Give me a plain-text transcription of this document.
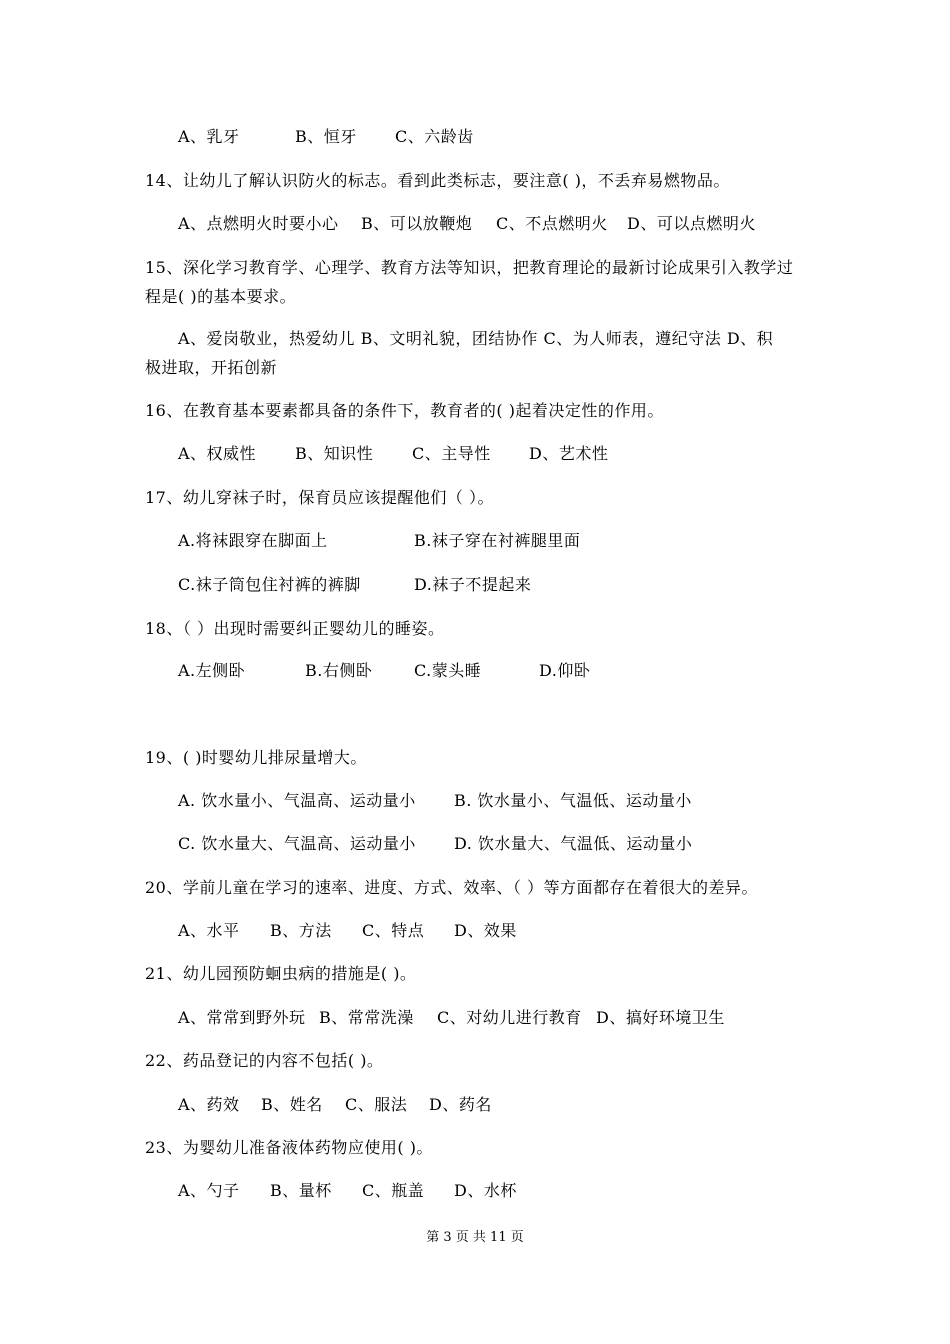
A、乳牙	B、恒牙 C、六龄齿
14、让幼儿了解认识防火的标志。看到此类标志，要注意( )，不丢弃易燃物品。
A、点燃明火时要小心 B、可以放鞭炮 C、不点燃明火 D、可以点燃明火
15、深化学习教育学、心理学、教育方法等知识，把教育理论的最新讨论成果引入教学过
程是( )的基本要求。
A、爱岗敬业，热爱幼儿 B、文明礼貌，团结协作 C、为人师表，遵纪守法 D、积
极进取，开拓创新
16、在教育基本要素都具备的条件下，教育者的( )起着决定性的作用。
A、权威性 B、知识性 C、主导性 D、艺术性
17、幼儿穿袜子时，保育员应该提醒他们（ ）。
A.将袜跟穿在脚面上	B.袜子穿在衬裤腿里面
C.袜子筒包住衬裤的裤脚	D.袜子不提起来
18、（ ）出现时需要纠正婴幼儿的睡姿。
A.左侧卧	B.右侧卧	C.蒙头睡	D.仰卧
19、( )时婴幼儿排尿量增大。
A. 饮水量小、气温高、运动量小 B. 饮水量小、气温低、运动量小
C. 饮水量大、气温高、运动量小 D. 饮水量大、气温低、运动量小
20、学前儿童在学习的速率、进度、方式、效率、（ ）等方面都存在着很大的差异。
A、水平 B、方法 C、特点 D、效果
21、幼儿园预防蛔虫病的措施是( )。
A、常常到野外玩 B、常常洗澡 C、对幼儿进行教育 D、搞好环境卫生
22、药品登记的内容不包括( )。
A、药效 B、姓名 C、服法 D、药名
23、为婴幼儿准备液体药物应使用( )。
A、勺子 B、量杯 C、瓶盖 D、水杯
第 3 页 共 11 页
